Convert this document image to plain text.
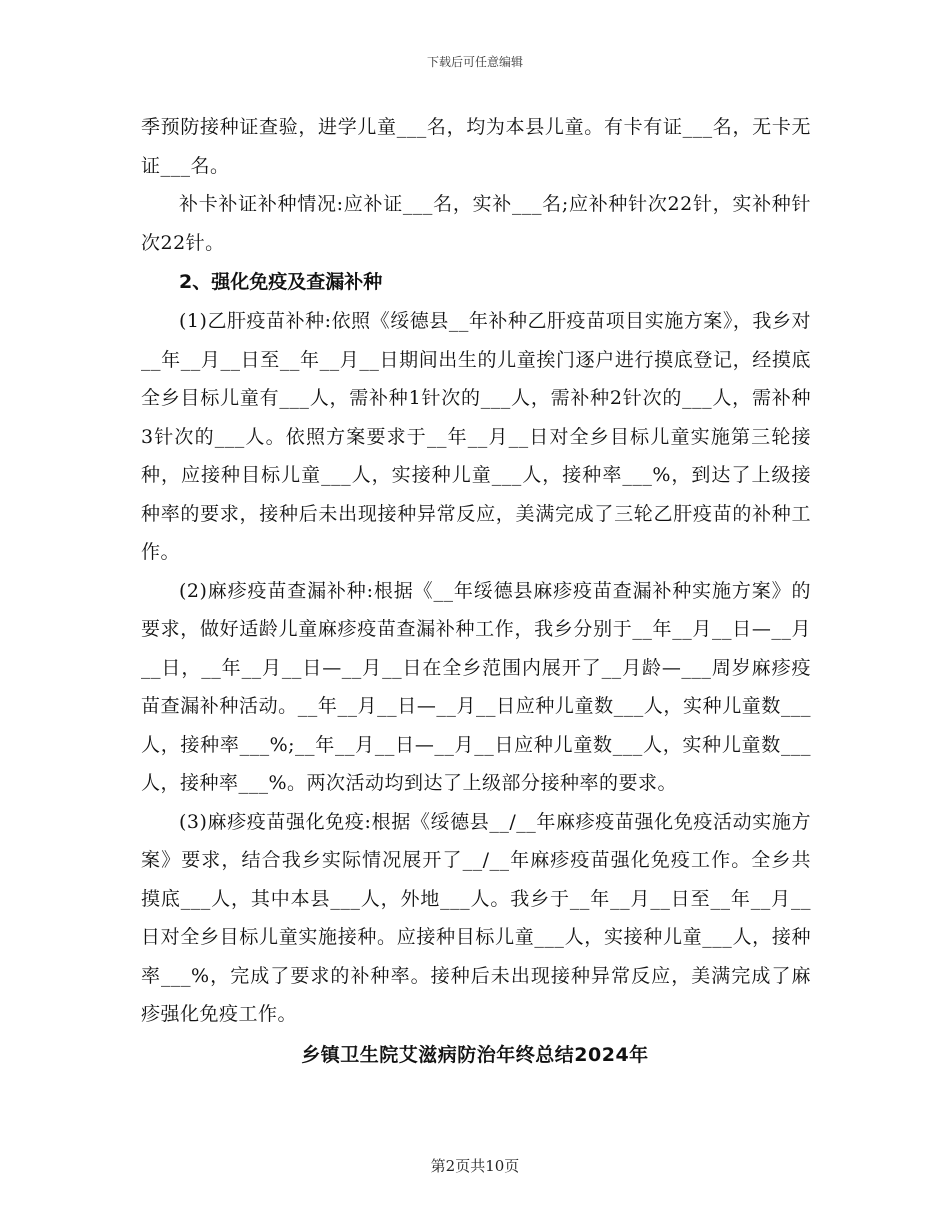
下载后可任意编辑

季预防接种证查验，进学儿童___名，均为本县儿童。有卡有证___名，无卡无证___名。

补卡补证补种情况:应补证___名，实补___名;应补种针次22针，实补种针次22针。

2、强化免疫及查漏补种

(1)乙肝疫苗补种:依照《绥德县__年补种乙肝疫苗项目实施方案》，我乡对__年__月__日至__年__月__日期间出生的儿童挨门逐户进行摸底登记，经摸底全乡目标儿童有___人，需补种1针次的___人，需补种2针次的___人，需补种3针次的___人。依照方案要求于__年__月__日对全乡目标儿童实施第三轮接种，应接种目标儿童___人，实接种儿童___人，接种率___%，到达了上级接种率的要求，接种后未出现接种异常反应，美满完成了三轮乙肝疫苗的补种工作。

(2)麻疹疫苗查漏补种:根据《__年绥德县麻疹疫苗查漏补种实施方案》的要求，做好适龄儿童麻疹疫苗查漏补种工作，我乡分别于__年__月__日—__月__日，__年__月__日—__月__日在全乡范围内展开了__月龄—___周岁麻疹疫苗查漏补种活动。__年__月__日—__月__日应种儿童数___人，实种儿童数___人，接种率___%;__年__月__日—__月__日应种儿童数___人，实种儿童数___人，接种率___%。两次活动均到达了上级部分接种率的要求。

(3)麻疹疫苗强化免疫:根据《绥德县__/__年麻疹疫苗强化免疫活动实施方案》要求，结合我乡实际情况展开了__/__年麻疹疫苗强化免疫工作。全乡共摸底___人，其中本县___人，外地___人。我乡于__年__月__日至__年__月__日对全乡目标儿童实施接种。应接种目标儿童___人，实接种儿童___人，接种率___%，完成了要求的补种率。接种后未出现接种异常反应，美满完成了麻疹强化免疫工作。

乡镇卫生院艾滋病防治年终总结2024年
第2页共10页
